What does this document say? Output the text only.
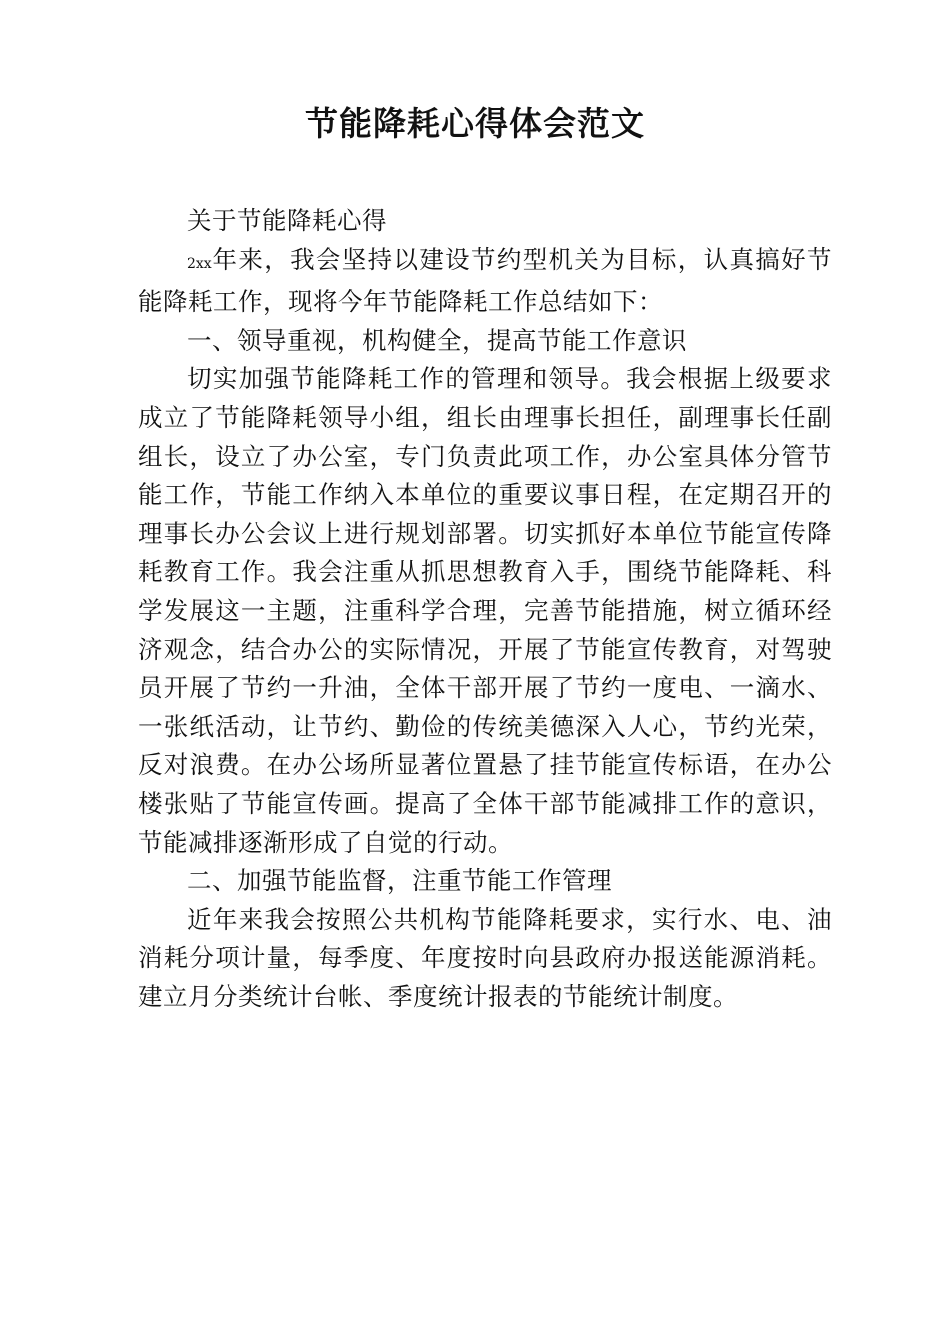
节能降耗心得体会范文

关于节能降耗心得

2xx年来，我会坚持以建设节约型机关为目标，认真搞好节能降耗工作，现将今年节能降耗工作总结如下：

一、领导重视，机构健全，提高节能工作意识

切实加强节能降耗工作的管理和领导。我会根据上级要求成立了节能降耗领导小组，组长由理事长担任，副理事长任副组长，设立了办公室，专门负责此项工作，办公室具体分管节能工作，节能工作纳入本单位的重要议事日程，在定期召开的理事长办公会议上进行规划部署。切实抓好本单位节能宣传降耗教育工作。我会注重从抓思想教育入手，围绕节能降耗、科学发展这一主题，注重科学合理，完善节能措施，树立循环经济观念，结合办公的实际情况，开展了节能宣传教育，对驾驶员开展了节约一升油，全体干部开展了节约一度电、一滴水、一张纸活动，让节约、勤俭的传统美德深入人心，节约光荣，反对浪费。在办公场所显著位置悬了挂节能宣传标语，在办公楼张贴了节能宣传画。提高了全体干部节能减排工作的意识，节能减排逐渐形成了自觉的行动。

二、加强节能监督，注重节能工作管理

近年来我会按照公共机构节能降耗要求，实行水、电、油消耗分项计量，每季度、年度按时向县政府办报送能源消耗。建立月分类统计台帐、季度统计报表的节能统计制度。
